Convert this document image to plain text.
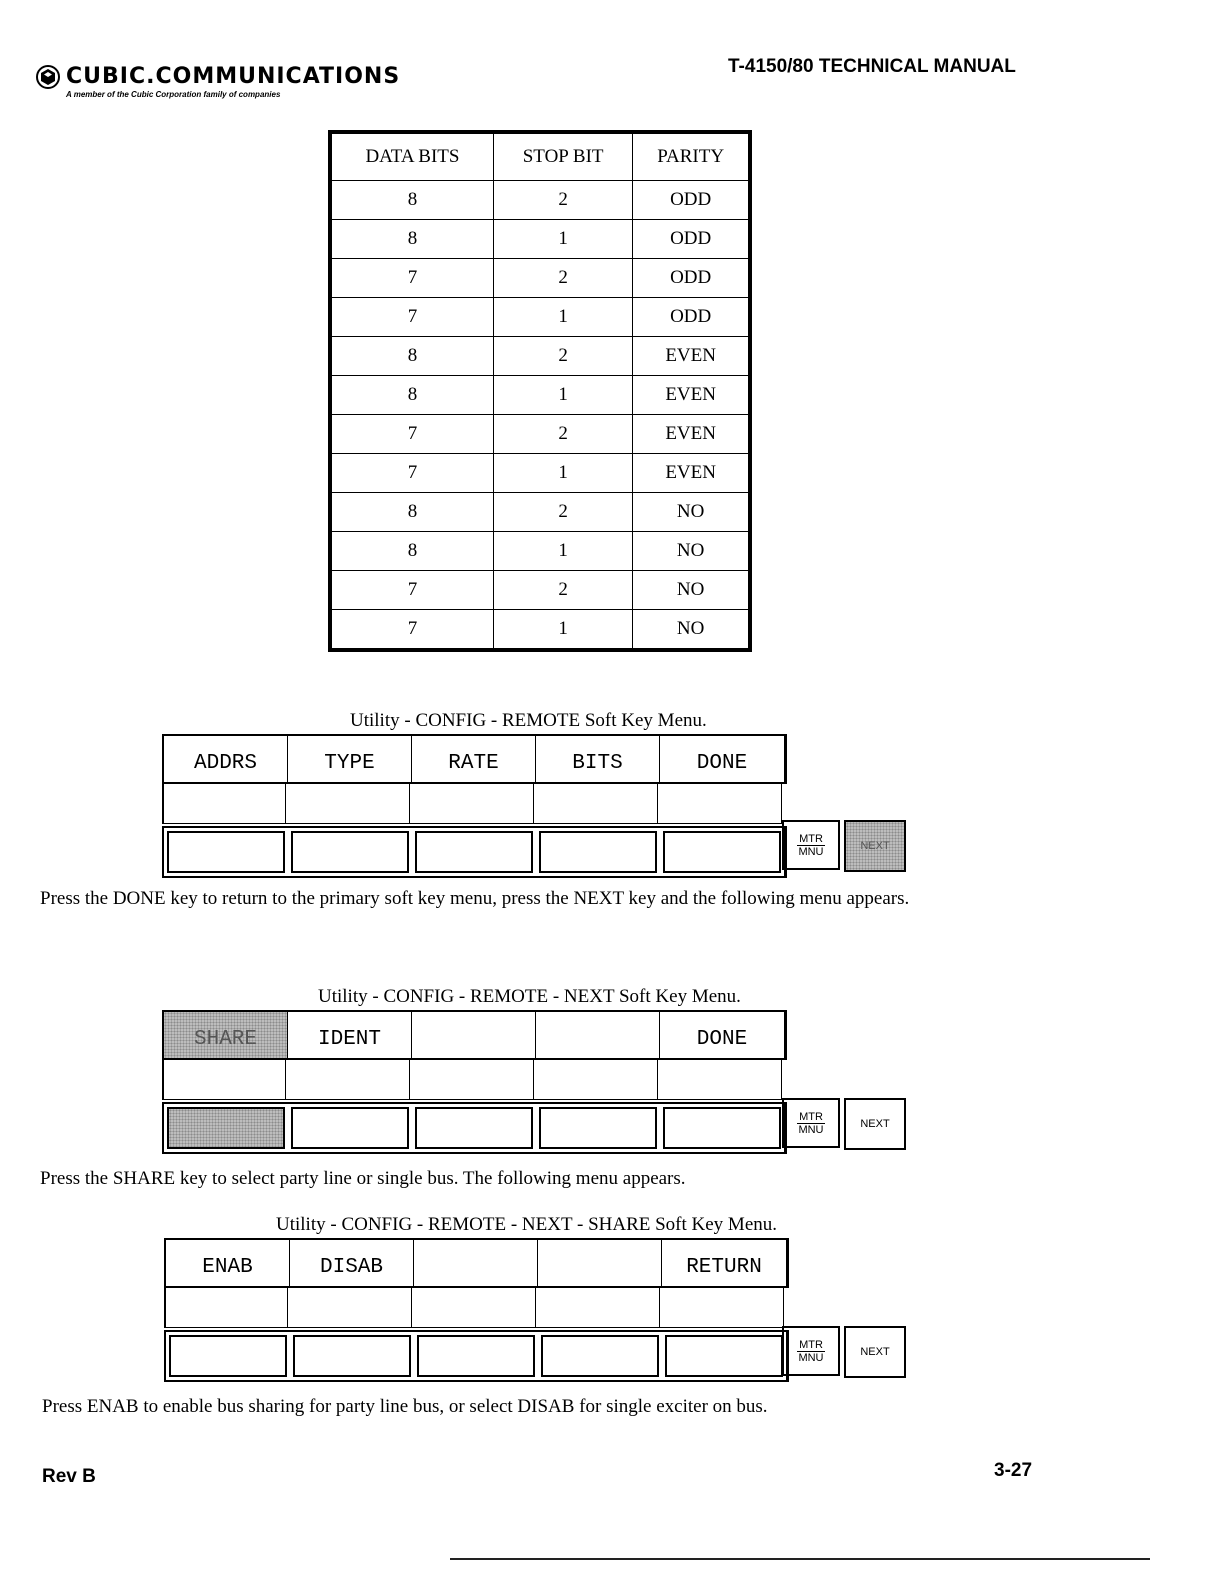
CUBIC.COMMUNICATIONS
A member of the Cubic Corporation family of companies
T-4150/80 TECHNICAL MANUAL
DATA BITS	STOP BIT	PARITY
8	2	ODD
8	1	ODD
7	2	ODD
7	1	ODD
8	2	EVEN
8	1	EVEN
7	2	EVEN
7	1	EVEN
8	2	NO
8	1	NO
7	2	NO
7	1	NO
Utility - CONFIG - REMOTE Soft Key Menu.
ADDRS	TYPE	RATE	BITS	DONE
MTR
MNU	NEXT
Press the DONE key to return to the primary soft key menu, press the NEXT key and the following menu appears.
Utility - CONFIG - REMOTE - NEXT Soft Key Menu.
SHARE	IDENT	DONE
MTR
MNU	NEXT
Press the SHARE key to select party line or single bus. The following menu appears.
Utility - CONFIG - REMOTE - NEXT - SHARE Soft Key Menu.
ENAB	DISAB	RETURN
MTR
MNU	NEXT
Press ENAB to enable bus sharing for party line bus, or select DISAB for single exciter on bus.
Rev B	3-27
